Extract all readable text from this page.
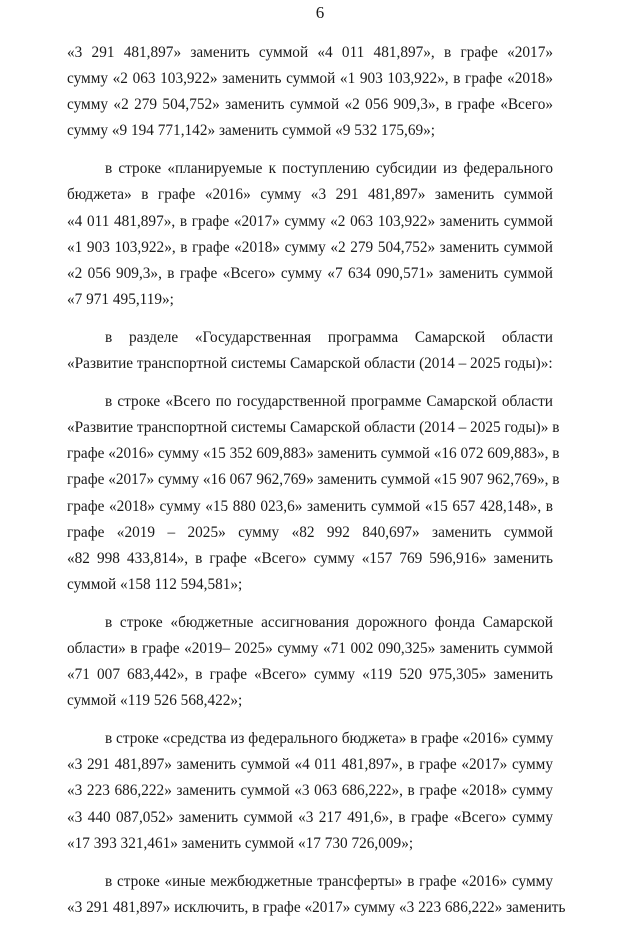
6
«3 291 481,897» заменить суммой «4 011 481,897», в графе «2017»
сумму «2 063 103,922» заменить суммой «1 903 103,922», в графе «2018»
сумму «2 279 504,752» заменить суммой «2 056 909,3», в графе «Всего»
сумму «9 194 771,142» заменить суммой «9 532 175,69»;
в строке «планируемые к поступлению субсидии из федерального
бюджета» в графе «2016» сумму «3 291 481,897» заменить суммой
«4 011 481,897», в графе «2017» сумму «2 063 103,922» заменить суммой
«1 903 103,922», в графе «2018» сумму «2 279 504,752» заменить суммой
«2 056 909,3», в графе «Всего» сумму «7 634 090,571» заменить суммой
«7 971 495,119»;
в разделе «Государственная программа Самарской области
«Развитие транспортной системы Самарской области (2014 – 2025 годы)»:
в строке «Всего по государственной программе Самарской области
«Развитие транспортной системы Самарской области (2014 – 2025 годы)» в
графе «2016» сумму «15 352 609,883» заменить суммой «16 072 609,883», в
графе «2017» сумму «16 067 962,769» заменить суммой «15 907 962,769», в
графе «2018» сумму «15 880 023,6» заменить суммой «15 657 428,148», в
графе «2019 – 2025» сумму «82 992 840,697» заменить суммой
«82 998 433,814», в графе «Всего» сумму «157 769 596,916» заменить
суммой «158 112 594,581»;
в строке «бюджетные ассигнования дорожного фонда Самарской
области» в графе «2019– 2025» сумму «71 002 090,325» заменить суммой
«71 007 683,442», в графе «Всего» сумму «119 520 975,305» заменить
суммой «119 526 568,422»;
в строке «средства из федерального бюджета» в графе «2016» сумму
«3 291 481,897» заменить суммой «4 011 481,897», в графе «2017» сумму
«3 223 686,222» заменить суммой «3 063 686,222», в графе «2018» сумму
«3 440 087,052» заменить суммой «3 217 491,6», в графе «Всего» сумму
«17 393 321,461» заменить суммой «17 730 726,009»;
в строке «иные межбюджетные трансферты» в графе «2016» сумму
«3 291 481,897» исключить, в графе «2017» сумму «3 223 686,222» заменить
